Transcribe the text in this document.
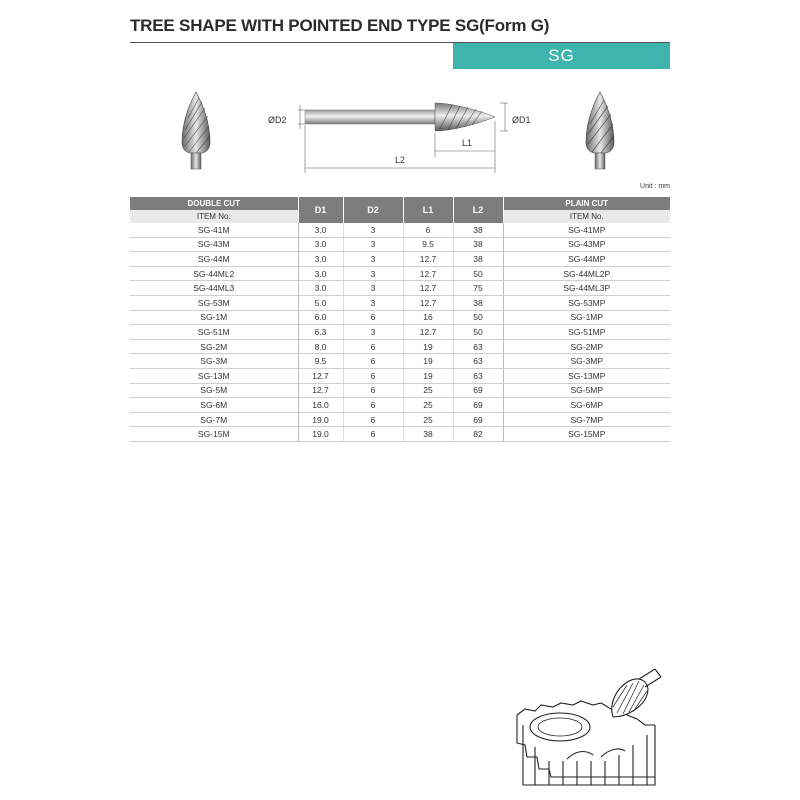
TREE SHAPE WITH POINTED END TYPE SG(Form G)
SG
ØD2	ØD1
L1
L2
Unit : mm
DOUBLE CUT	D1	D2	L1	L2	PLAIN CUT
ITEM No.					ITEM No.
SG-41M	3.0	3	6	38	SG-41MP
SG-43M	3.0	3	9.5	38	SG-43MP
SG-44M	3.0	3	12.7	38	SG-44MP
SG-44ML2	3.0	3	12.7	50	SG-44ML2P
SG-44ML3	3.0	3	12.7	75	SG-44ML3P
SG-53M	5.0	3	12.7	38	SG-53MP
SG-1M	6.0	6	16	50	SG-1MP
SG-51M	6.3	3	12.7	50	SG-51MP
SG-2M	8.0	6	19	63	SG-2MP
SG-3M	9.5	6	19	63	SG-3MP
SG-13M	12.7	6	19	63	SG-13MP
SG-5M	12.7	6	25	69	SG-5MP
SG-6M	16.0	6	25	69	SG-6MP
SG-7M	19.0	6	25	69	SG-7MP
SG-15M	19.0	6	38	82	SG-15MP
